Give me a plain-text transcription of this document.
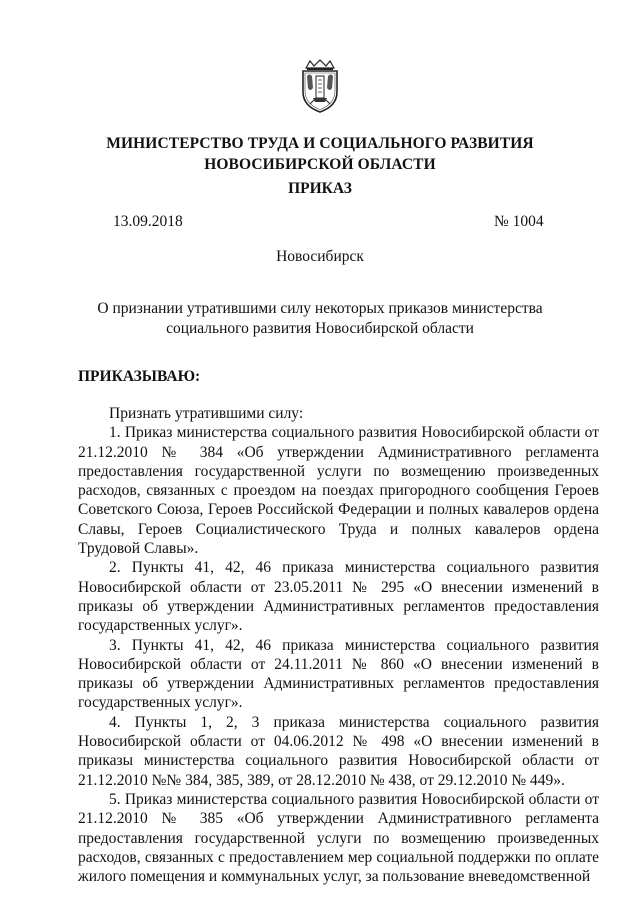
МИНИСТЕРСТВО ТРУДА И СОЦИАЛЬНОГО РАЗВИТИЯ
НОВОСИБИРСКОЙ ОБЛАСТИ
ПРИКАЗ
13.09.2018	№ 1004
Новосибирск
О признании утратившими силу некоторых приказов министерства
социального развития Новосибирской области
ПРИКАЗЫВАЮ:

Признать утратившими силу:

1. Приказ министерства социального развития Новосибирской области от 21.12.2010 № 384 «Об утверждении Административного регламента предоставления государственной услуги по возмещению произведенных расходов, связанных с проездом на поездах пригородного сообщения Героев Советского Союза, Героев Российской Федерации и полных кавалеров ордена Славы, Героев Социалистического Труда и полных кавалеров ордена Трудовой Славы».

2. Пункты 41, 42, 46 приказа министерства социального развития Новосибирской области от 23.05.2011 № 295 «О внесении изменений в приказы об утверждении Административных регламентов предоставления государственных услуг».

3. Пункты 41, 42, 46 приказа министерства социального развития Новосибирской области от 24.11.2011 № 860 «О внесении изменений в приказы об утверждении Административных регламентов предоставления государственных услуг».

4. Пункты 1, 2, 3 приказа министерства социального развития Новосибирской области от 04.06.2012 № 498 «О внесении изменений в приказы министерства социального развития Новосибирской области от 21.12.2010 №№ 384, 385, 389, от 28.12.2010 № 438, от 29.12.2010 № 449».

5. Приказ министерства социального развития Новосибирской области от 21.12.2010 № 385 «Об утверждении Административного регламента предоставления государственной услуги по возмещению произведенных расходов, связанных с предоставлением мер социальной поддержки по оплате жилого помещения и коммунальных услуг, за пользование вневедомственной
